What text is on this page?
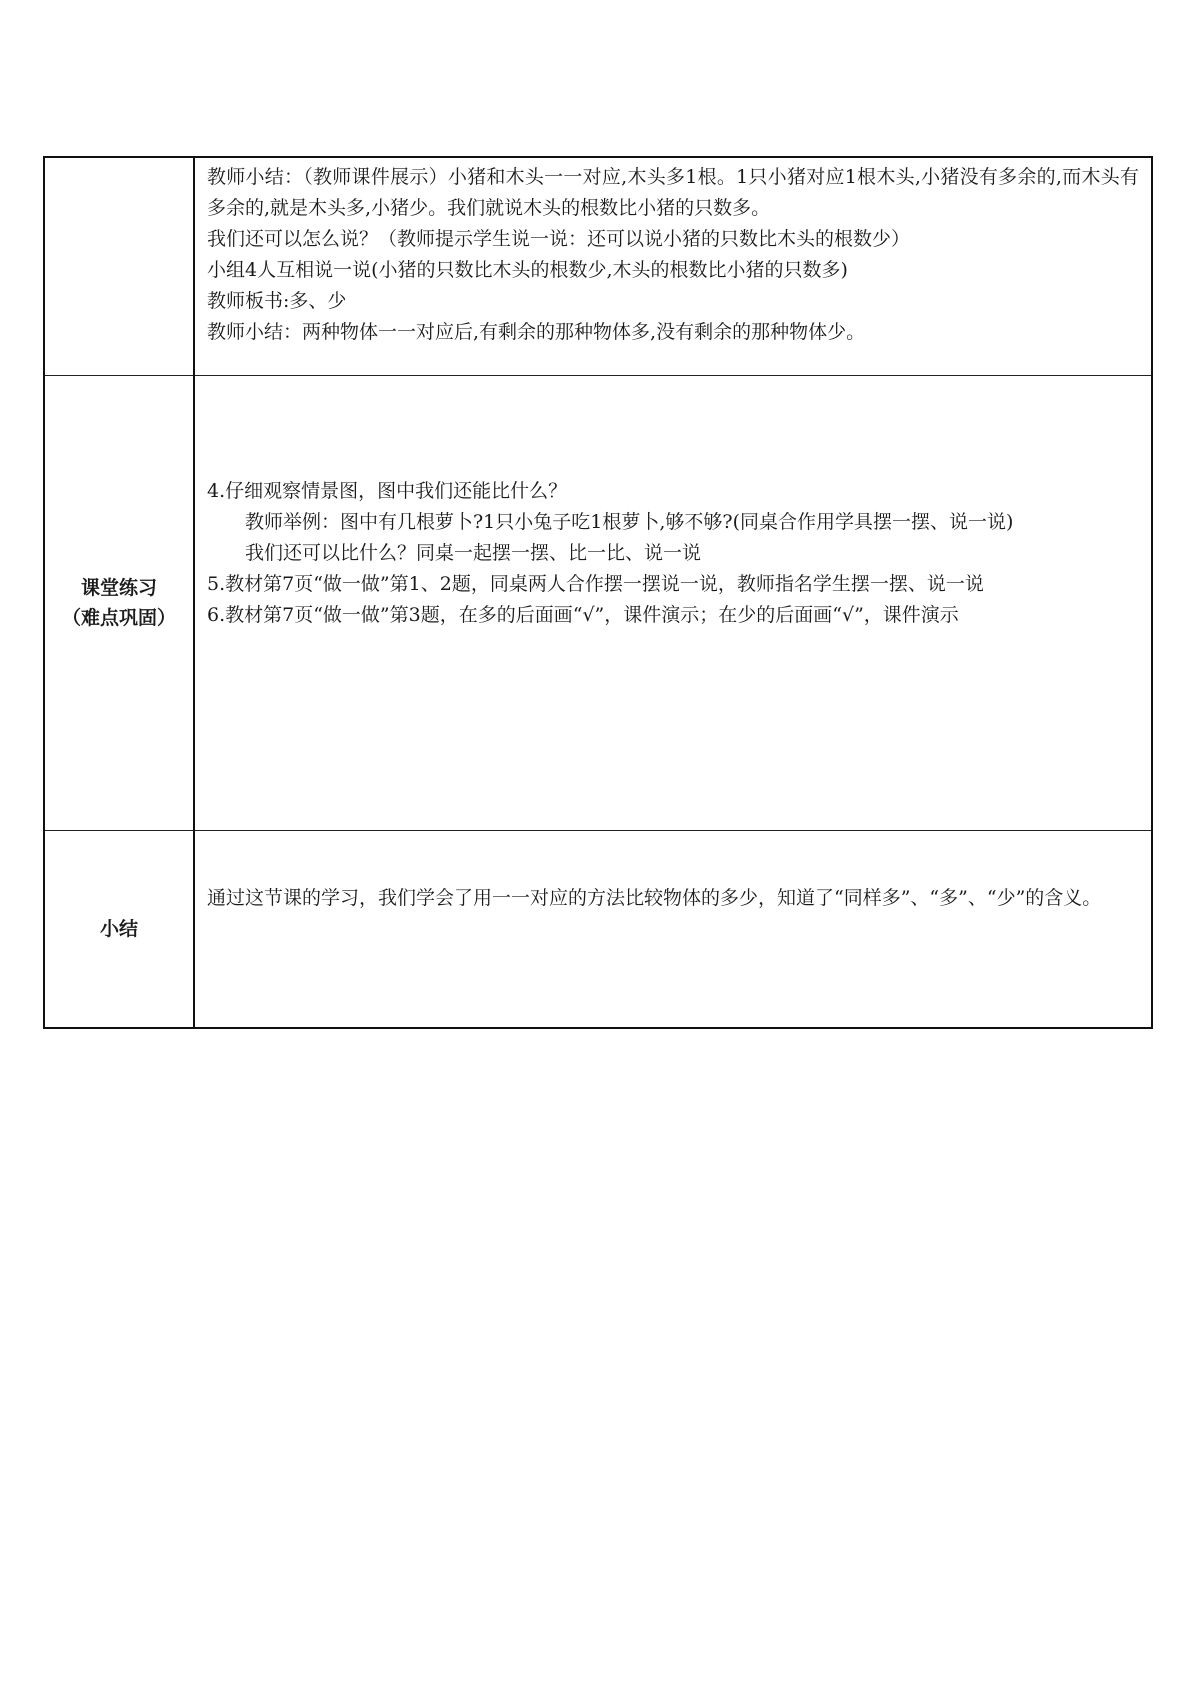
	教师小结：（教师课件展示）小猪和木头一一对应,木头多1根。1只小猪对应1根木头,小猪没有多余的,而木头有多余的,就是木头多,小猪少。我们就说木头的根数比小猪的只数多。
我们还可以怎么说？（教师提示学生说一说：还可以说小猪的只数比木头的根数少）
小组4人互相说一说(小猪的只数比木头的根数少,木头的根数比小猪的只数多)
教师板书:多、少
教师小结：两种物体一一对应后,有剩余的那种物体多,没有剩余的那种物体少。

课堂练习
（难点巩固）	4.仔细观察情景图，图中我们还能比什么？
教师举例：图中有几根萝卜?1只小兔子吃1根萝卜,够不够?(同桌合作用学具摆一摆、说一说)
我们还可以比什么？同桌一起摆一摆、比一比、说一说
5.教材第7页“做一做”第1、2题，同桌两人合作摆一摆说一说，教师指名学生摆一摆、说一说
6.教材第7页“做一做”第3题，在多的后面画“√”，课件演示；在少的后面画“√”，课件演示

小结	通过这节课的学习，我们学会了用一一对应的方法比较物体的多少，知道了“同样多”、“多”、“少”的含义。
